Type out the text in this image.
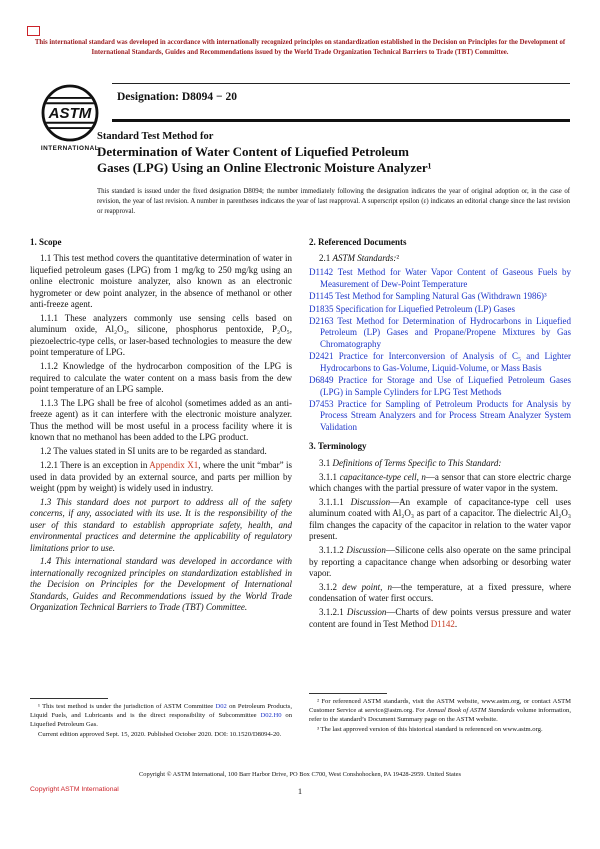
This international standard was developed in accordance with internationally recognized principles on standardization established in the Decision on Principles for the Development of International Standards, Guides and Recommendations issued by the World Trade Organization Technical Barriers to Trade (TBT) Committee.
ASTM
INTERNATIONAL
Designation: D8094 − 20
Standard Test Method for
Determination of Water Content of Liquefied Petroleum
Gases (LPG) Using an Online Electronic Moisture Analyzer¹
This standard is issued under the fixed designation D8094; the number immediately following the designation indicates the year of original adoption or, in the case of revision, the year of last revision. A number in parentheses indicates the year of last reapproval. A superscript epsilon (ε) indicates an editorial change since the last revision or reapproval.
1. Scope

1.1 This test method covers the quantitative determination of water in liquefied petroleum gases (LPG) from 1 mg/kg to 250 mg/kg using an online electronic moisture analyzer, also known as an electronic hygrometer or dew point analyzer, in the absence of methanol or other anti-freeze agent.

1.1.1 These analyzers commonly use sensing cells based on aluminum oxide, Al₂O₃, silicone, phosphorus pentoxide, P₂O₅, piezoelectric-type cells, or laser-based technologies to measure the dew point temperature of LPG.

1.1.2 Knowledge of the hydrocarbon composition of the LPG is required to calculate the water content on a mass basis from the dew point temperature of an LPG sample.

1.1.3 The LPG shall be free of alcohol (sometimes added as an anti-freeze agent) as it can interfere with the electronic moisture analyzer. Thus the method will be most useful in a process facility where it is known that no methanol has been added to the LPG product.

1.2 The values stated in SI units are to be regarded as standard.

1.2.1 There is an exception in Appendix X1, where the unit “mbar” is used in data provided by an external source, and parts per million by weight (ppm by weight) is widely used in industry.

1.3 This standard does not purport to address all of the safety concerns, if any, associated with its use. It is the responsibility of the user of this standard to establish appropriate safety, health, and environmental practices and determine the applicability of regulatory limitations prior to use.

1.4 This international standard was developed in accordance with internationally recognized principles on standardization established in the Decision on Principles for the Development of International Standards, Guides and Recommendations issued by the World Trade Organization Technical Barriers to Trade (TBT) Committee.

2. Referenced Documents

2.1 ASTM Standards:²

D1142 Test Method for Water Vapor Content of Gaseous Fuels by Measurement of Dew-Point Temperature

D1145 Test Method for Sampling Natural Gas (Withdrawn 1986)³

D1835 Specification for Liquefied Petroleum (LP) Gases

D2163 Test Method for Determination of Hydrocarbons in Liquefied Petroleum (LP) Gases and Propane/Propene Mixtures by Gas Chromatography

D2421 Practice for Interconversion of Analysis of C₅ and Lighter Hydrocarbons to Gas-Volume, Liquid-Volume, or Mass Basis

D6849 Practice for Storage and Use of Liquefied Petroleum Gases (LPG) in Sample Cylinders for LPG Test Methods

D7453 Practice for Sampling of Petroleum Products for Analysis by Process Stream Analyzers and for Process Stream Analyzer System Validation

3. Terminology

3.1 Definitions of Terms Specific to This Standard:

3.1.1 capacitance-type cell, n—a sensor that can store electric charge which changes with the partial pressure of water vapor in the system.

3.1.1.1 Discussion—An example of capacitance-type cell uses aluminum coated with Al₂O₃ as part of a capacitor. The dielectric Al₂O₃ film changes the capacity of the capacitor in relation to the water vapor present.

3.1.1.2 Discussion—Silicone cells also operate on the same principal by reporting a capacitance change when adsorbing or desorbing water vapor.

3.1.2 dew point, n—the temperature, at a fixed pressure, where condensation of water first occurs.

3.1.2.1 Discussion—Charts of dew points versus pressure and water content are found in Test Method D1142.

¹ This test method is under the jurisdiction of ASTM Committee D02 on Petroleum Products, Liquid Fuels, and Lubricants and is the direct responsibility of Subcommittee D02.H0 on Liquefied Petroleum Gas.

Current edition approved Sept. 15, 2020. Published October 2020. DOI: 10.1520/D8094-20.

² For referenced ASTM standards, visit the ASTM website, www.astm.org, or contact ASTM Customer Service at service@astm.org. For Annual Book of ASTM Standards volume information, refer to the standard’s Document Summary page on the ASTM website.

³ The last approved version of this historical standard is referenced on www.astm.org.

Copyright © ASTM International, 100 Barr Harbor Drive, PO Box C700, West Conshohocken, PA 19428-2959. United States
Copyright ASTM International	1
